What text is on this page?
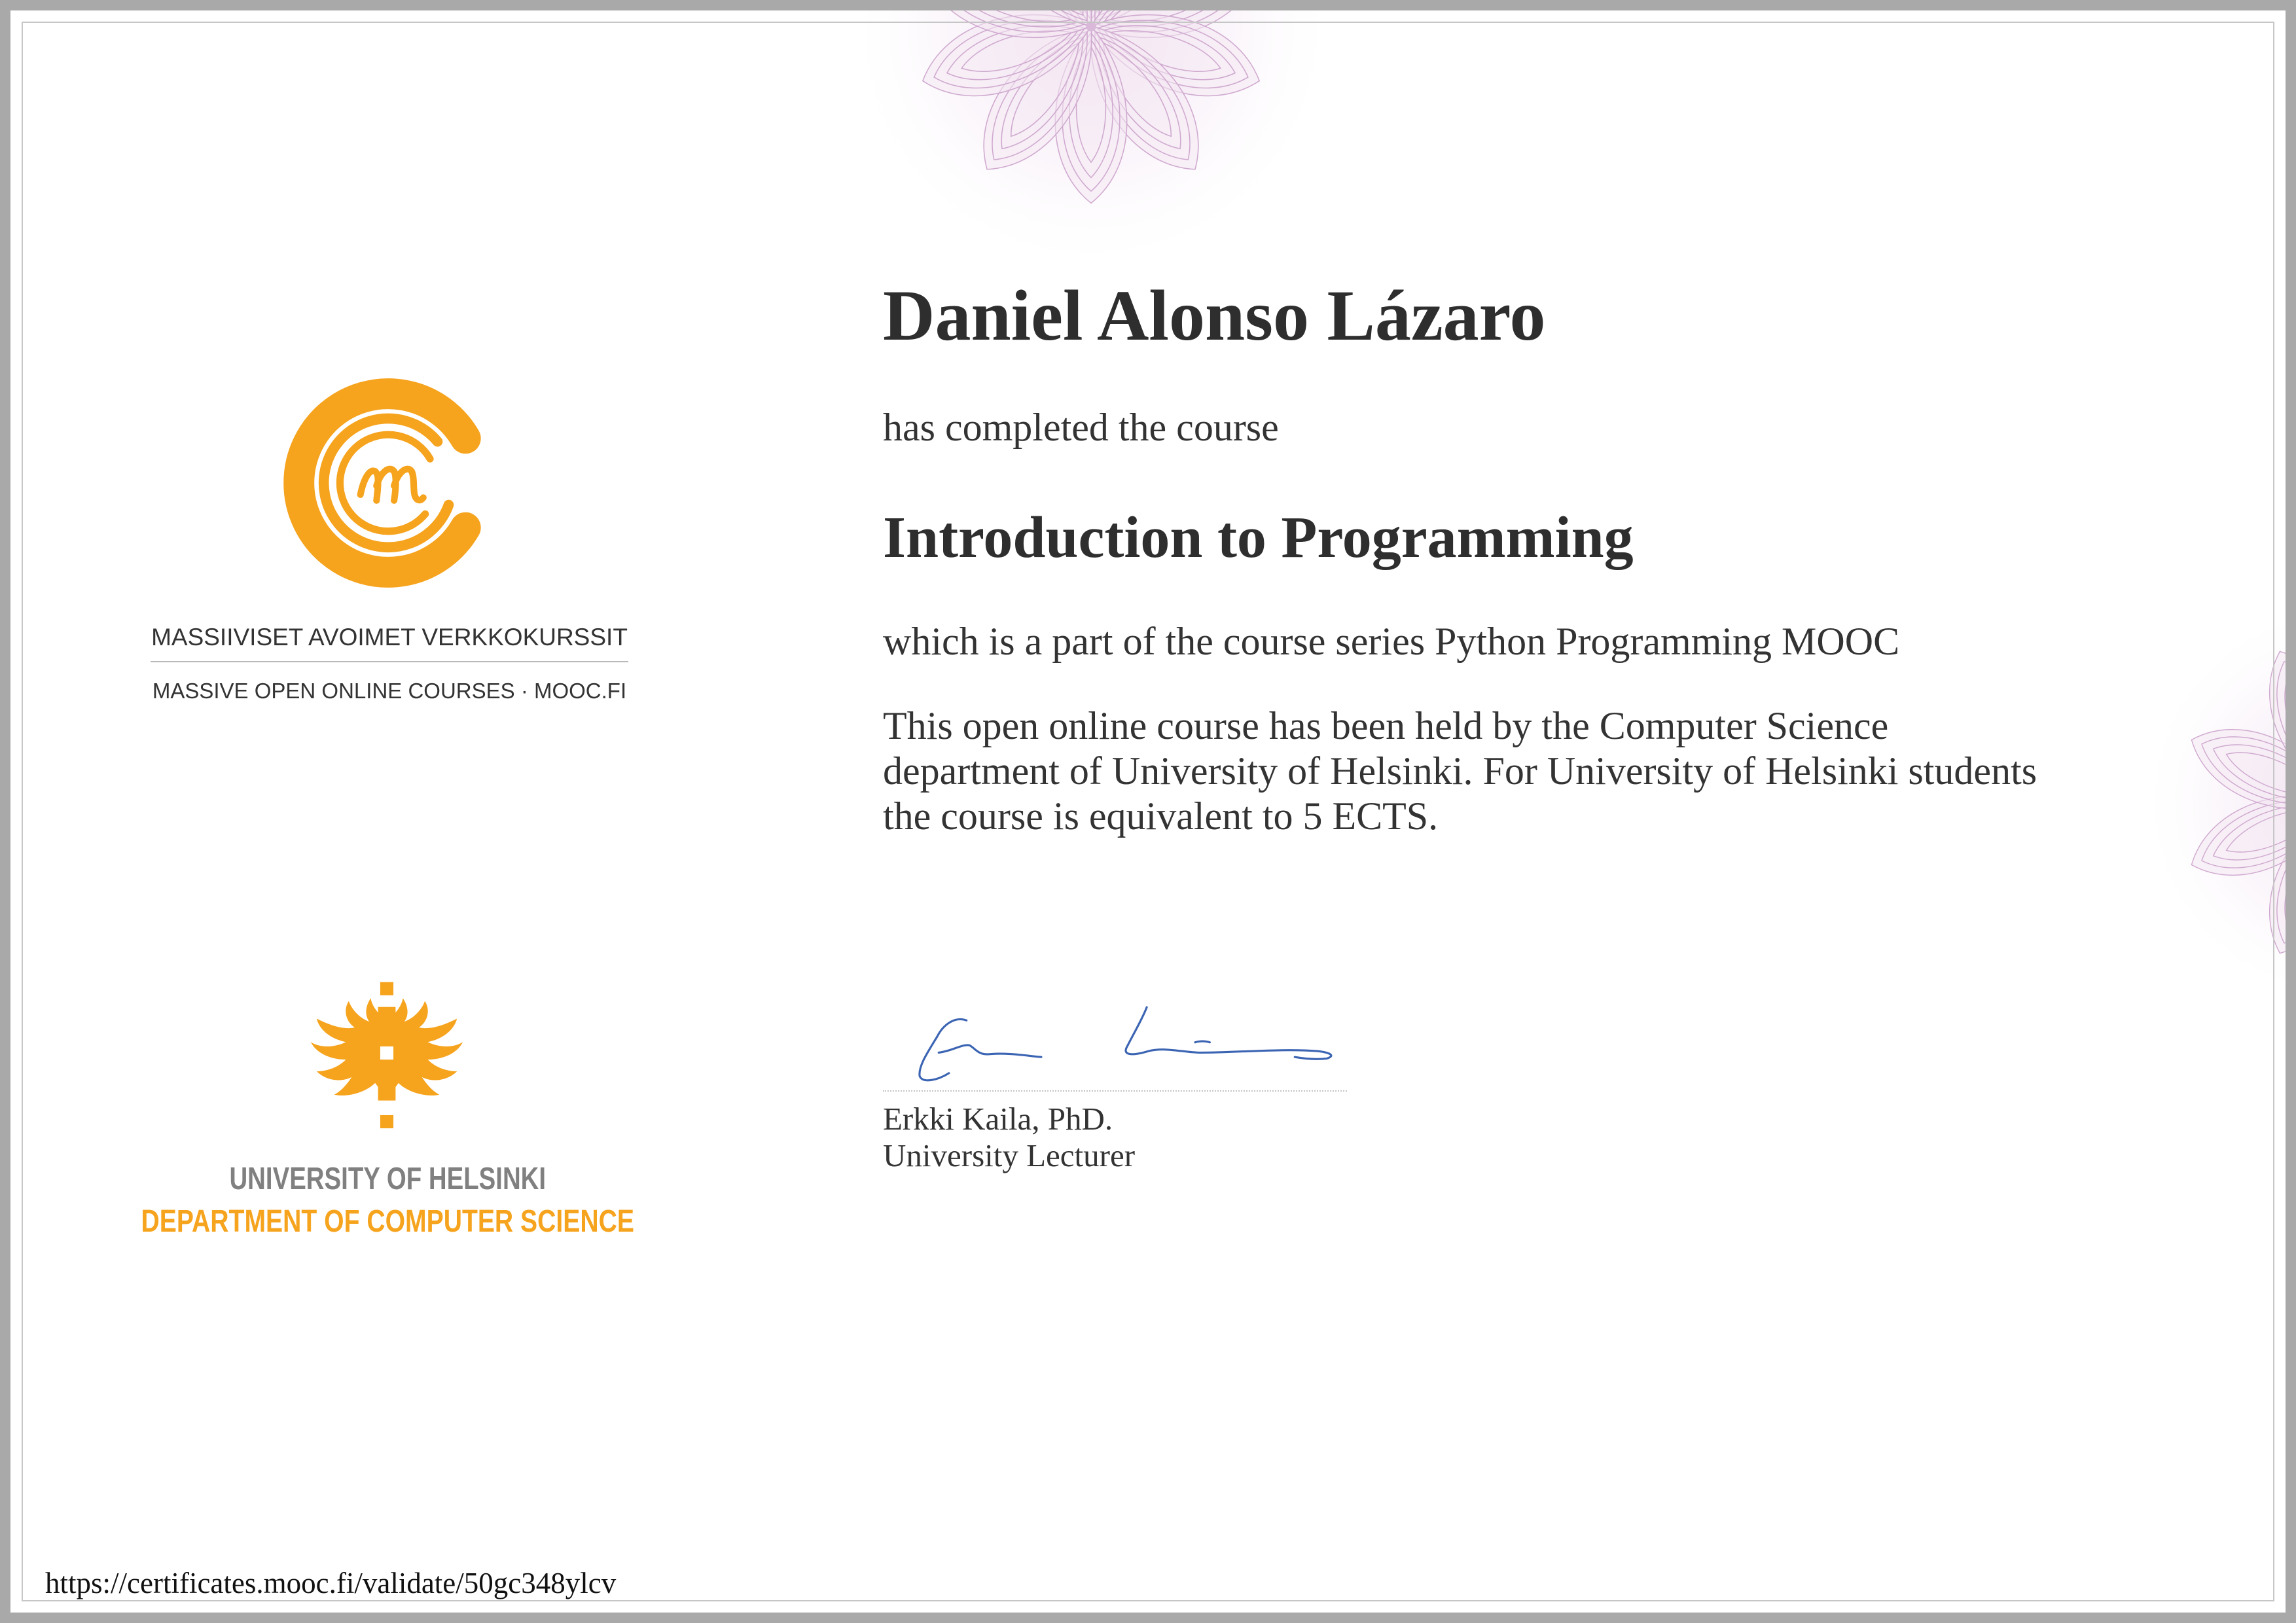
MASSIIVISET AVOIMET VERKKOKURSSIT
MASSIVE OPEN ONLINE COURSES · MOOC.FI
UNIVERSITY OF HELSINKI
DEPARTMENT OF COMPUTER SCIENCE
Daniel Alonso Lázaro
has completed the course
Introduction to Programming
which is a part of the course series Python Programming MOOC
This open online course has been held by the Computer Science
department of University of Helsinki. For University of Helsinki students
the course is equivalent to 5 ECTS.
Erkki Kaila, PhD.
University Lecturer
https://certificates.mooc.fi/validate/50gc348ylcv
